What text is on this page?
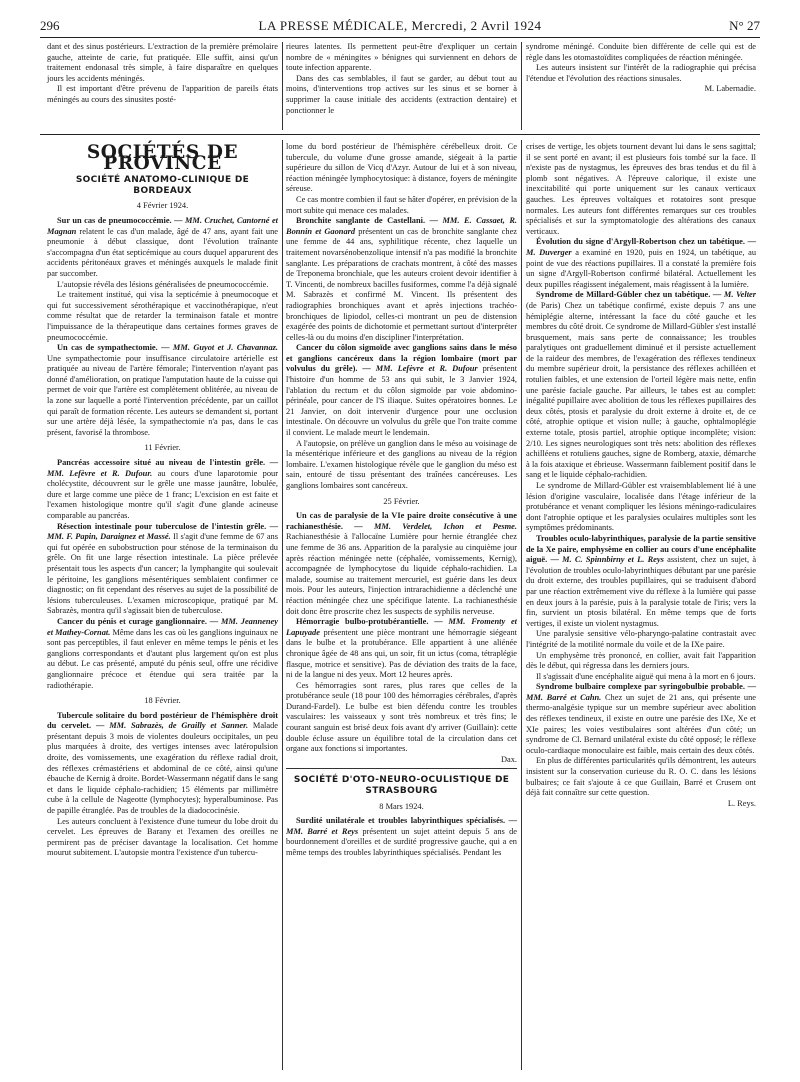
296	LA PRESSE MÉDICALE, Mercredi, 2 Avril 1924	N° 27

dant et des sinus postérieurs. L'extraction de la première prémolaire gauche, atteinte de carie, fut pratiquée. Elle suffit, ainsi qu'un traitement endonasal très simple, à faire disparaître en quelques jours les accidents méningés.

Il est important d'être prévenu de l'apparition de pareils états méningés au cours des sinusites posté-

rieures latentes. Ils permettent peut-être d'expliquer un certain nombre de « méningites » bénignes qui surviennent en dehors de toute infection apparente.

Dans des cas semblables, il faut se garder, au début tout au moins, d'interventions trop actives sur les sinus et se borner à supprimer la cause initiale des accidents (extraction dentaire) et ponctionner le

syndrome méningé. Conduite bien différente de celle qui est de règle dans les otomastoïdites compliquées de réaction méningée.

Les auteurs insistent sur l'intérêt de la radiographie qui précisa l'étendue et l'évolution des réactions sinusales.

M. Labernadie.

SOCIÉTÉS DE PROVINCE
SOCIÉTÉ ANATOMO-CLINIQUE DE BORDEAUX

4 Février 1924.

Sur un cas de pneumococcémie. — MM. Cruchet, Cantorné et Magnan relatent le cas d'un malade, âgé de 47 ans, ayant fait une pneumonie à début classique, dont l'évolution traînante s'accompagna d'un état septicémique au cours duquel apparurent des accidents péritonéaux graves et méningés auxquels le malade finit par succomber.

L'autopsie révéla des lésions généralisées de pneumococcémie.

Le traitement institué, qui visa la septicémie à pneumocoque et qui fut successivement sérothérapique et vaccinothérapique, n'eut comme résultat que de retarder la terminaison fatale et montre l'impuissance de la thérapeutique dans certaines formes graves de pneumococcémie.

Un cas de sympathectomie. — MM. Guyot et J. Chavannaz. Une sympathectomie pour insuffisance circulatoire artérielle est pratiquée au niveau de l'artère fémorale; l'intervention n'ayant pas donné d'amélioration, on pratique l'amputation haute de la cuisse qui permet de voir que l'artère est complètement oblitérée, au niveau de la zone sur laquelle a porté l'intervention précédente, par un caillot qui paraît de formation récente. Les auteurs se demandent si, portant sur une artère déjà lésée, la sympathectomie n'a pas, dans le cas présent, favorisé la thrombose.

11 Février.

Pancréas accessoire situé au niveau de l'intestin grêle. — MM. Lefèvre et R. Dufour. au cours d'une laparotomie pour cholécystite, découvrent sur le grêle une masse jaunâtre, lobulée, dure et large comme une pièce de 1 franc; L'excision en est faite et l'examen histologique montre qu'il s'agit d'une glande acineuse comparable au pancréas.

Résection intestinale pour tuberculose de l'intestin grêle. — MM. F. Papin, Daraignez et Massé. Il s'agit d'une femme de 67 ans qui fut opérée en subobstruction pour sténose de la terminaison du grêle. On fit une large résection intestinale. La pièce prélevée présentait tous les aspects d'un cancer; la lymphangite qui soulevait le péritoine, les ganglions mésentériques semblaient confirmer ce diagnostic; on fit cependant des réserves au sujet de la possibilité de lésions tuberculeuses. L'examen microscopique, pratiqué par M. Sabrazès, montra qu'il s'agissait bien de tuberculose.

Cancer du pénis et curage ganglionnaire. — MM. Jeanneney et Mathey-Cornat. Même dans les cas où les ganglions inguinaux ne sont pas perceptibles, il faut enlever en même temps le pénis et les ganglions correspondants et d'autant plus largement qu'on est plus au début. Le cas présenté, amputé du pénis seul, offre une récidive ganglionnaire précoce et étendue qui sera traitée par la radiothérapie.

18 Février.

Tubercule solitaire du bord postérieur de l'hémisphère droit du cervelet. — MM. Sabrazès, de Grailly et Sanner. Malade présentant depuis 3 mois de violentes douleurs occipitales, un peu plus marquées à droite, des vertiges intenses avec latéropulsion droite, des vomissements, une exagération du réflexe radial droit, des réflexes crémastériens et abdominal de ce côté, ainsi qu'une ébauche de Kernig à droite. Bordet-Wassermann négatif dans le sang et dans le liquide céphalo-rachidien; 15 éléments par millimètre cube à la cellule de Nageotte (lymphocytes); hyperalbuminose. Pas de papille étranglée. Pas de troubles de la diadococinésie.

Les auteurs concluent à l'existence d'une tumeur du lobe droit du cervelet. Les épreuves de Barany et l'examen des oreilles ne permirent pas de préciser davantage la localisation. Cet homme mourut subitement. L'autopsie montra l'existence d'un tubercu-

lome du bord postérieur de l'hémisphère cérébelleux droit. Ce tubercule, du volume d'une grosse amande, siégeait à la partie supérieure du sillon de Vicq d'Azyr. Autour de lui et à son niveau, réaction méningée lymphocytosique: à distance, foyers de méningite séreuse.

Ce cas montre combien il faut se hâter d'opérer, en prévision de la mort subite qui menace ces malades.

Bronchite sanglante de Castellani. — MM. E. Cassaet, R. Bonnin et Gaonard présentent un cas de bronchite sanglante chez une femme de 44 ans, syphilitique récente, chez laquelle un traitement novarsénobenzolique intensif n'a pas modifié la bronchite sanglante. Les préparations de crachats montrent, à côté des masses de Treponema bronchiale, que les auteurs croient devoir identifier à T. Vincenti, de nombreux bacilles fusiformes, comme l'a déjà signalé M. Sabrazès et confirmé M. Vincent. Ils présentent des radiographies bronchiques avant et après injections trachéo-bronchiques de lipiodol, celles-ci montrant un peu de distension exagérée des points de dichotomie et permettant surtout d'interpréter celles-là ou du moins d'en discipliner l'interprétation.

Cancer du côlon sigmoïde avec ganglions sains dans le méso et ganglions cancéreux dans la région lombaire (mort par volvulus du grêle). — MM. Lefèvre et R. Dufour présentent l'histoire d'un homme de 53 ans qui subit, le 3 Janvier 1924, l'ablation du rectum et du côlon sigmoïde par voie abdomino-périnéale, pour cancer de l'S iliaque. Suites opératoires bonnes. Le 21 Janvier, on doit intervenir d'urgence pour une occlusion intestinale. On découvre un volvulus du grêle que l'on traite comme il convient. Le malade meurt le lendemain.

A l'autopsie, on prélève un ganglion dans le méso au voisinage de la mésentérique inférieure et des ganglions au niveau de la région lombaire. L'examen histologique révèle que le ganglion du méso est sain, entouré de tissu présentant des traînées cancéreuses. Les ganglions lombaires sont cancéreux.

25 Février.

Un cas de paralysie de la VIe paire droite consécutive à une rachianesthésie. — MM. Verdelet, Ichon et Pesme. Rachianesthésie à l'allocaïne Lumière pour hernie étranglée chez une femme de 36 ans. Apparition de la paralysie au cinquième jour après réaction méningée nette (céphalée, vomissements, Kernig), accompagnée de lymphocytose du liquide céphalo-rachidien. La malade, soumise au traitement mercuriel, est guérie dans les deux mois. Pour les auteurs, l'injection intrarachidienne a déclenché une réaction méningée chez une spécifique latente. La rachianesthésie doit donc être proscrite chez les suspects de syphilis nerveuse.

Hémorragie bulbo-protubérantielle. — MM. Fromenty et Lapuyade présentent une pièce montrant une hémorragie siégeant dans le bulbe et la protubérance. Elle appartient à une aliénée chronique âgée de 48 ans qui, un soir, fit un ictus (coma, tétraplégie flasque, motrice et sensitive). Pas de déviation des traits de la face, ni de la langue ni des yeux. Mort 12 heures après.

Ces hémorragies sont rares, plus rares que celles de la protubérance seule (18 pour 100 des hémorragies cérébrales, d'après Durand-Fardel). Le bulbe est bien défendu contre les troubles vasculaires: les vaisseaux y sont très nombreux et très fins; le courant sanguin est brisé deux fois avant d'y arriver (Guillain): cette double écluse assure un équilibre total de la circulation dans cet organe aux fonctions si importantes.

Dax.

SOCIÉTÉ D'OTO-NEURO-OCULISTIQUE DE STRASBOURG

8 Mars 1924.

Surdité unilatérale et troubles labyrinthiques spécialisés. — MM. Barré et Reys présentent un sujet atteint depuis 5 ans de bourdonnement d'oreilles et de surdité progressive gauche, qui a en même temps des troubles labyrinthiques spécialisés. Pendant les

crises de vertige, les objets tournent devant lui dans le sens sagittal; il se sent porté en avant; il est plusieurs fois tombé sur la face. Il n'existe pas de nystagmus, les épreuves des bras tendus et du fil à plomb sont négatives. A l'épreuve calorique, il existe une inexcitabilité qui porte uniquement sur les canaux verticaux gauches. Les épreuves voltaïques et rotatoires sont presque normales. Les auteurs font différentes remarques sur ces troubles spécialisés et sur la symptomatologie des altérations des canaux verticaux.

Évolution du signe d'Argyll-Robertson chez un tabétique. — M. Duverger a examiné en 1920, puis en 1924, un tabétique, au point de vue des réactions pupillaires. Il a constaté la première fois un signe d'Argyll-Robertson confirmé bilatéral. Actuellement les deux pupilles réagissent inégalement, mais réagissent à la lumière.

Syndrome de Millard-Gübler chez un tabétique. — M. Velter (de Paris) Chez un tabétique confirmé, existe depuis 7 ans une hémiplégie alterne, intéressant la face du côté gauche et les membres du côté droit. Ce syndrome de Millard-Gübler s'est installé brusquement, mais sans perte de connaissance; les troubles paralytiques ont graduellement diminué et il persiste actuellement de la raideur des membres, de l'exagération des réflexes tendineux du membre supérieur droit, la persistance des réflexes achilléen et rotulien faibles, et une extension de l'orteil légère mais nette, enfin une parésie faciale gauche. Par ailleurs, le tabes est au complet: inégalité pupillaire avec abolition de tous les réflexes pupillaires des deux côtés, ptosis et paralysie du droit externe à droite et, de ce côté, atrophie optique et vision nulle; à gauche, ophtalmoplégie externe totale, ptosis partiel, atrophie optique incomplète; vision: 2/10. Les signes neurologiques sont très nets: abolition des réflexes achilléens et rotuliens gauches, signe de Romberg, ataxie, démarche à la fois ataxique et ébrieuse. Wassermann faiblement positif dans le sang et le liquide céphalo-rachidien.

Le syndrome de Millard-Gübler est vraisemblablement lié à une lésion d'origine vasculaire, localisée dans l'étage inférieur de la protubérance et venant compliquer les lésions méningo-radiculaires dont l'atrophie optique et les paralysies oculaires multiples sont les symptômes prédominants.

Troubles oculo-labyrinthiques, paralysie de la partie sensitive de la Xe paire, emphysème en collier au cours d'une encéphalite aiguë. — M. C. Spinnbirny et L. Reys assistent, chez un sujet, à l'évolution de troubles oculo-labyrinthiques débutant par une parésie du droit externe, des troubles pupillaires, qui se traduisent d'abord par une réaction extrêmement vive du réflexe à la lumière qui passe en deux jours à la parésie, puis à la paralysie totale de l'iris; vers la fin, survient un ptosis bilatéral. En même temps que de forts vertiges, il existe un violent nystagmus.

Une paralysie sensitive vélo-pharyngo-palatine contrastait avec l'intégrité de la motilité normale du voile et de la IXe paire.

Un emphysème très prononcé, en collier, avait fait l'apparition dès le début, qui régressa dans les derniers jours.

Il s'agissait d'une encéphalite aiguë qui mena à la mort en 6 jours.

Syndrome bulbaire complexe par syringobulbie probable. — MM. Barré et Cahn. Chez un sujet de 21 ans, qui présente une thermo-analgésie typique sur un membre supérieur avec abolition des réflexes tendineux, il existe en outre une parésie des IXe, Xe et XIe paires; les voies vestibulaires sont altérées d'un côté; un syndrome de Cl. Bernard unilatéral existe du côté opposé; le réflexe oculo-cardiaque monoculaire est faible, mais certain des deux côtés.

En plus de différentes particularités qu'ils démontrent, les auteurs insistent sur la conservation curieuse du R. O. C. dans les lésions bulbaires; ce fait s'ajoute à ce que Guillain, Barré et Crusem ont déjà fait connaître sur cette question.

L. Reys.
